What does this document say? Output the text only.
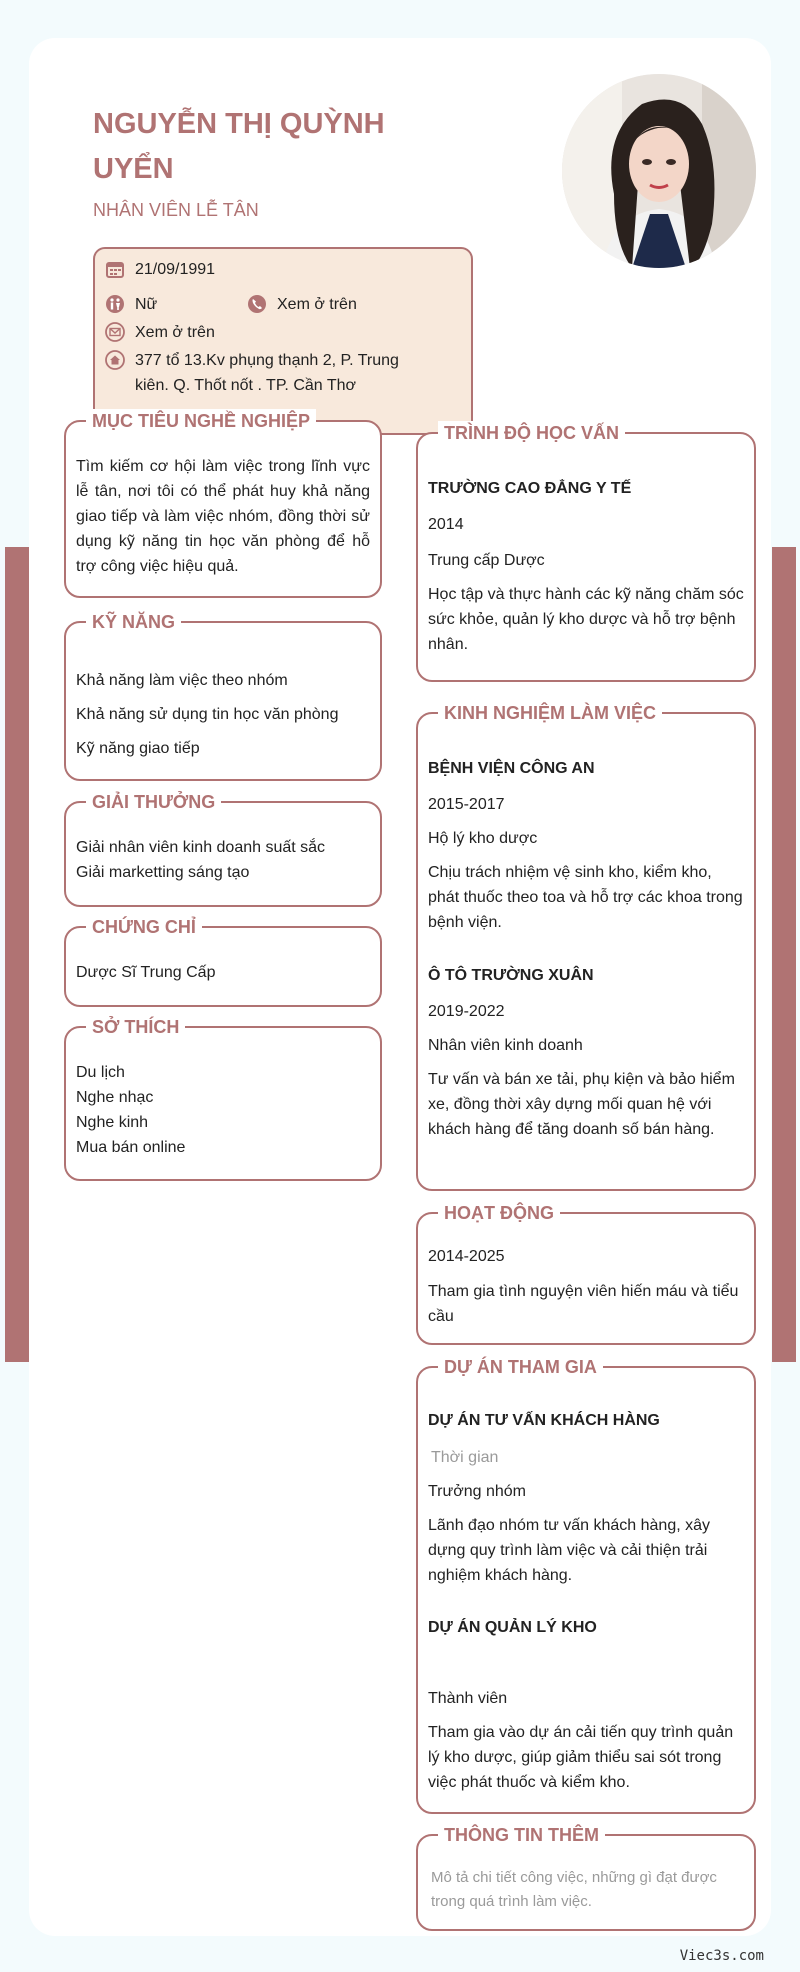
NGUYỄN THỊ QUỲNH UYỂN
NHÂN VIÊN LỄ TÂN
21/09/1991
Nữ	Xem ở trên
Xem ở trên
377 tổ 13.Kv phụng thạnh 2, P. Trung
kiên. Q. Thốt nốt . TP. Cần Thơ
MỤC TIÊU NGHỀ NGHIỆP
Tìm kiếm cơ hội làm việc trong lĩnh vực lễ tân, nơi tôi có thể phát huy khả năng giao tiếp và làm việc nhóm, đồng thời sử dụng kỹ năng tin học văn phòng để hỗ trợ công việc hiệu quả.
KỸ NĂNG
Khả năng làm việc theo nhóm
Khả năng sử dụng tin học văn phòng
Kỹ năng giao tiếp
GIẢI THƯỞNG
Giải nhân viên kinh doanh suất sắc
Giải marketting sáng tạo
CHỨNG CHỈ
Dược Sĩ Trung Cấp
SỞ THÍCH
Du lịch
Nghe nhạc
Nghe kinh
Mua bán online
TRÌNH ĐỘ HỌC VẤN
TRƯỜNG CAO ĐẲNG Y TẾ
2014
Trung cấp Dược
Học tập và thực hành các kỹ năng chăm sóc sức khỏe, quản lý kho dược và hỗ trợ bệnh nhân.
KINH NGHIỆM LÀM VIỆC
BỆNH VIỆN CÔNG AN
2015-2017
Hộ lý kho dược
Chịu trách nhiệm vệ sinh kho, kiểm kho, phát thuốc theo toa và hỗ trợ các khoa trong bệnh viện.
Ô TÔ TRƯỜNG XUÂN
2019-2022
Nhân viên kinh doanh
Tư vấn và bán xe tải, phụ kiện và bảo hiểm xe, đồng thời xây dựng mối quan hệ với khách hàng để tăng doanh số bán hàng.
HOẠT ĐỘNG
2014-2025
Tham gia tình nguyện viên hiến máu và tiểu cầu
DỰ ÁN THAM GIA
DỰ ÁN TƯ VẤN KHÁCH HÀNG
Thời gian
Trưởng nhóm
Lãnh đạo nhóm tư vấn khách hàng, xây dựng quy trình làm việc và cải thiện trải nghiệm khách hàng.
DỰ ÁN QUẢN LÝ KHO
Thành viên
Tham gia vào dự án cải tiến quy trình quản lý kho dược, giúp giảm thiểu sai sót trong việc phát thuốc và kiểm kho.
THÔNG TIN THÊM
Mô tả chi tiết công việc, những gì đạt được trong quá trình làm việc.
Viec3s.com
